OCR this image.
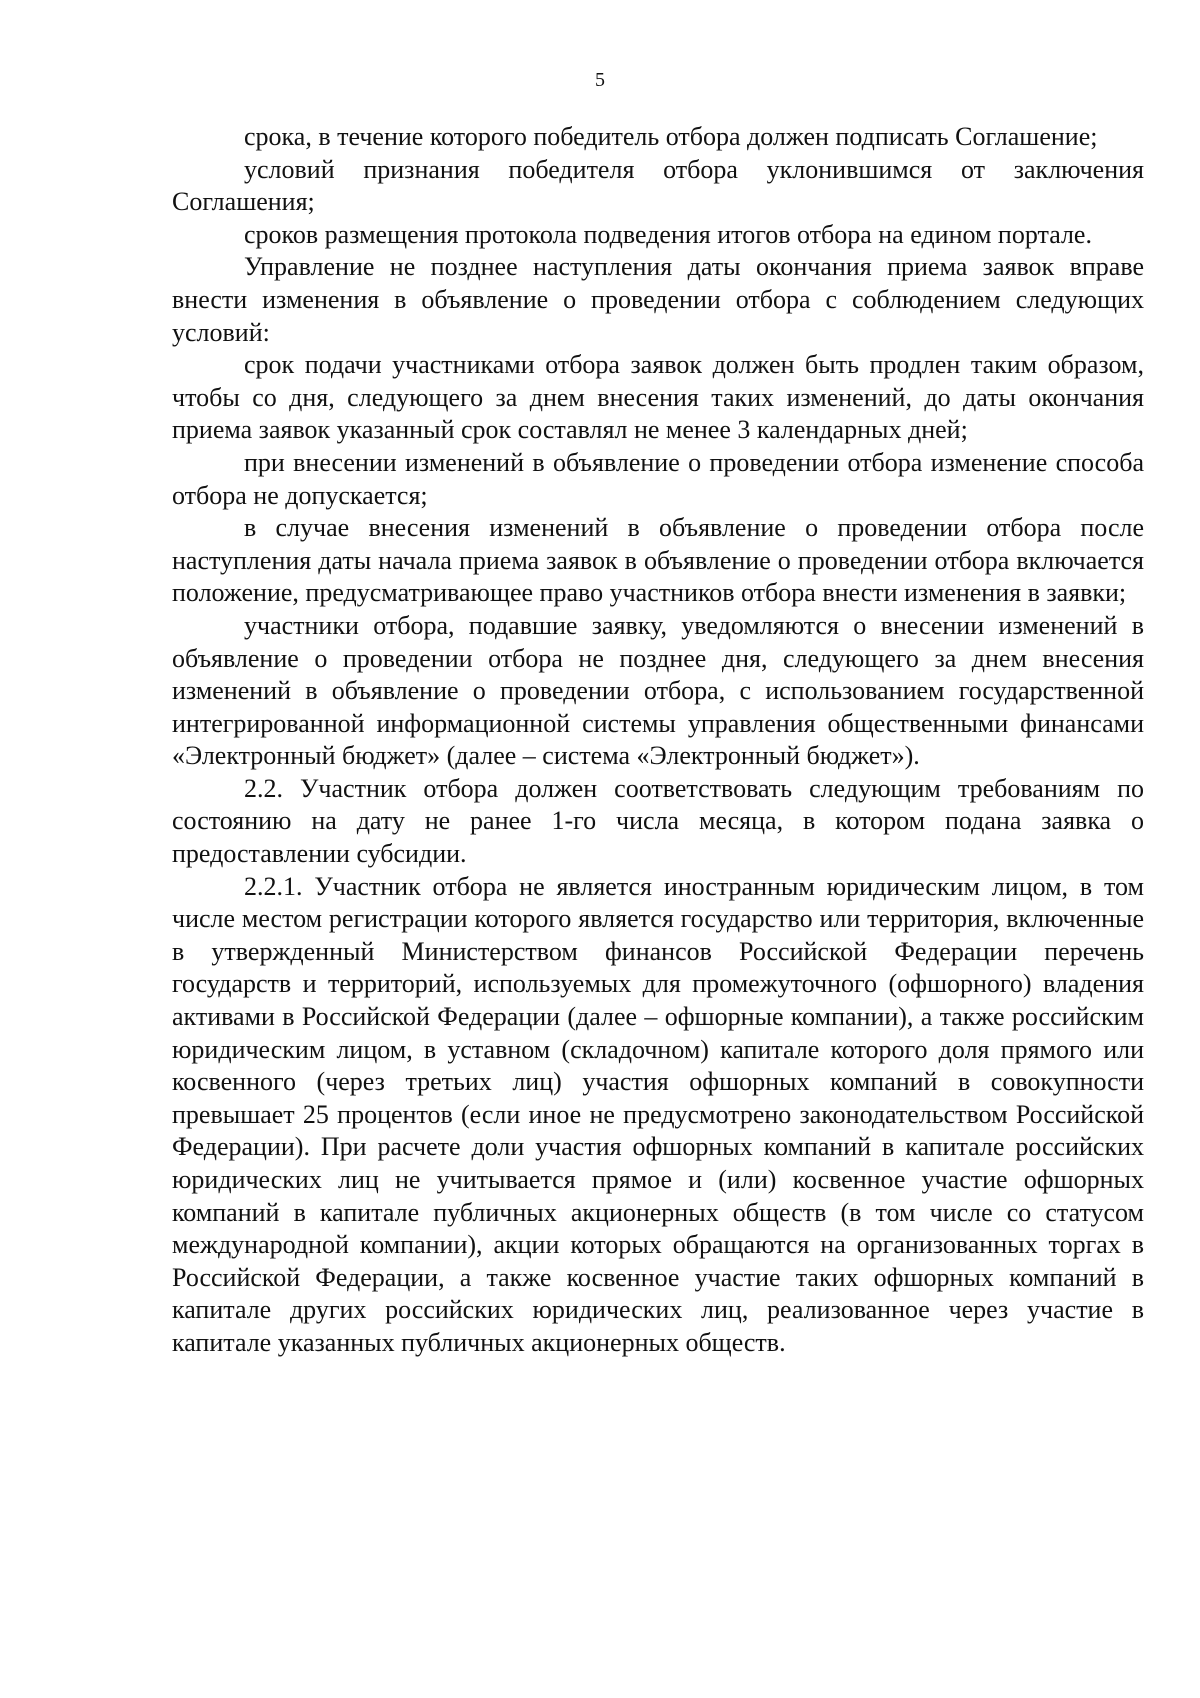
5

срока, в течение которого победитель отбора должен подписать Соглашение;

условий признания победителя отбора уклонившимся от заключения Соглашения;

сроков размещения протокола подведения итогов отбора на едином портале.

Управление не позднее наступления даты окончания приема заявок вправе внести изменения в объявление о проведении отбора с соблюдением следующих условий:

срок подачи участниками отбора заявок должен быть продлен таким образом, чтобы со дня, следующего за днем внесения таких изменений, до даты окончания приема заявок указанный срок составлял не менее 3 календарных дней;

при внесении изменений в объявление о проведении отбора изменение способа отбора не допускается;

в случае внесения изменений в объявление о проведении отбора после наступления даты начала приема заявок в объявление о проведении отбора включается положение, предусматривающее право участников отбора внести изменения в заявки;

участники отбора, подавшие заявку, уведомляются о внесении изменений в объявление о проведении отбора не позднее дня, следующего за днем внесения изменений в объявление о проведении отбора, с использованием государственной интегрированной информационной системы управления общественными финансами «Электронный бюджет» (далее – система «Электронный бюджет»).

2.2. Участник отбора должен соответствовать следующим требованиям по состоянию на дату не ранее 1-го числа месяца, в котором подана заявка о предоставлении субсидии.

2.2.1. Участник отбора не является иностранным юридическим лицом, в том числе местом регистрации которого является государство или территория, включенные в утвержденный Министерством финансов Российской Федерации перечень государств и территорий, используемых для промежуточного (офшорного) владения активами в Российской Федерации (далее – офшорные компании), а также российским юридическим лицом, в уставном (складочном) капитале которого доля прямого или косвенного (через третьих лиц) участия офшорных компаний в совокупности превышает 25 процентов (если иное не предусмотрено законодательством Российской Федерации). При расчете доли участия офшорных компаний в капитале российских юридических лиц не учитывается прямое и (или) косвенное участие офшорных компаний в капитале публичных акционерных обществ (в том числе со статусом международной компании), акции которых обращаются на организованных торгах в Российской Федерации, а также косвенное участие таких офшорных компаний в капитале других российских юридических лиц, реализованное через участие в капитале указанных публичных акционерных обществ.
